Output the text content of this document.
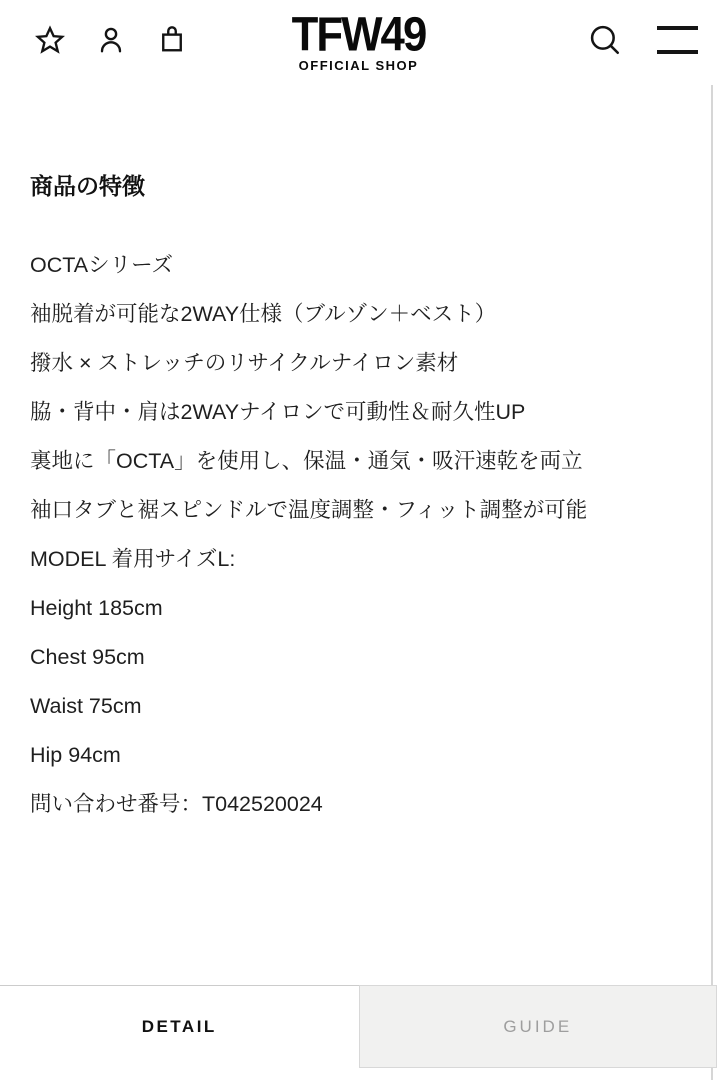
TFW49
OFFICIAL SHOP
商品の特徴

OCTAシリーズ

袖脱着が可能な2WAY仕様（ブルゾン＋ベスト）

撥水 × ストレッチのリサイクルナイロン素材

脇・背中・肩は2WAYナイロンで可動性＆耐久性UP

裏地に「OCTA」を使用し、保温・通気・吸汗速乾を両立

袖口タブと裾スピンドルで温度調整・フィット調整が可能

MODEL 着用サイズL:

Height 185cm

Chest 95cm

Waist 75cm

Hip 94cm

問い合わせ番号：T042520024

DETAIL	GUIDE
